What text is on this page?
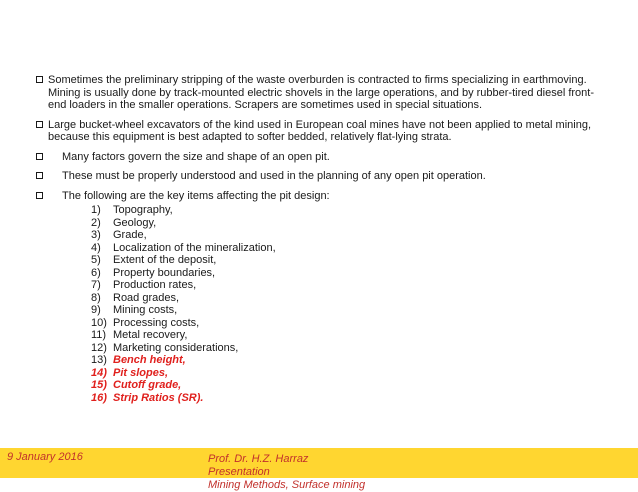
Sometimes the preliminary stripping of the waste overburden is contracted to firms specializing in earthmoving. Mining is usually done by track-mounted electric shovels in the large operations, and by rubber-tired diesel front-end loaders in the smaller operations. Scrapers are sometimes used in special situations.
Large bucket-wheel excavators of the kind used in European coal mines have not been applied to metal mining, because this equipment is best adapted to softer bedded, relatively flat-lying strata.
Many factors govern the size and shape of an open pit.
These must be properly understood and used in the planning of any open pit operation.
The following are the key items affecting the pit design:
1)	Topography,
2)	Geology,
3)	Grade,
4)	Localization of the mineralization,
5)	Extent of the deposit,
6)	Property boundaries,
7)	Production rates,
8)	Road grades,
9)	Mining costs,
10) Processing costs,
11) Metal recovery,
12) Marketing considerations,
13) Bench height,
14) Pit slopes,
15) Cutoff grade,
16) Strip Ratios (SR).
9 January 2016	Prof. Dr. H.Z. Harraz Presentation
Mining Methods, Surface mining
